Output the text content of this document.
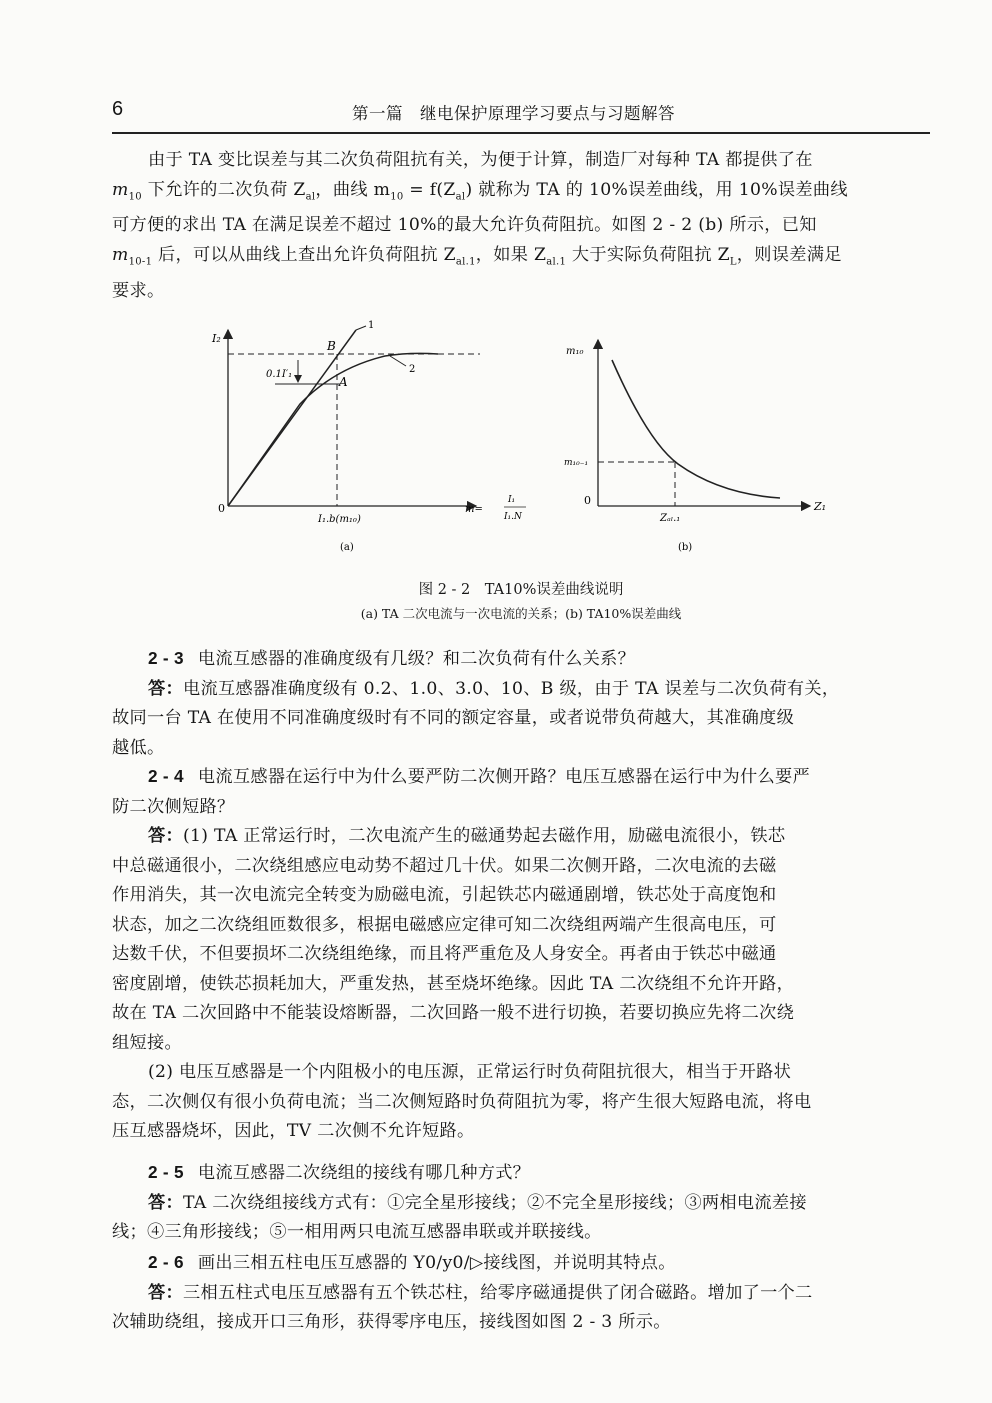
6	第一篇　继电保护原理学习要点与习题解答

由于 TA 变比误差与其二次负荷阻抗有关，为便于计算，制造厂对每种 TA 都提供了在

$m_{10}$ 下允许的二次负荷 $Z_{al}$，曲线 $m_{10} = f(Z_{al})$ 就称为 TA 的 10%误差曲线，用 10%误差曲线

可方便的求出 TA 在满足误差不超过 10%的最大允许负荷阻抗。如图 2 - 2 (b) 所示，已知

$m_{10-1}$ 后，可以从曲线上查出允许负荷阻抗 $Z_{al.1}$，如果 $Z_{al.1}$ 大于实际负荷阻抗 $Z_L$，则误差满足

要求。

I₂
0
B
A
0.1I′₁
1
2
I₁.b(m₁₀)
m=
I₁
I₁.N
(a)
m₁₀
m₁₀₋₁
0	Z₁
Zₐₗ.₁
(b)
图 2 - 2　TA10%误差曲线说明
(a) TA 二次电流与一次电流的关系；(b) TA10%误差曲线

2 - 3 电流互感器的准确度级有几级？和二次负荷有什么关系？

答：电流互感器准确度级有 0.2、1.0、3.0、10、B 级，由于 TA 误差与二次负荷有关，

故同一台 TA 在使用不同准确度级时有不同的额定容量，或者说带负荷越大，其准确度级

越低。

2 - 4 电流互感器在运行中为什么要严防二次侧开路？电压互感器在运行中为什么要严

防二次侧短路？

答：(1) TA 正常运行时，二次电流产生的磁通势起去磁作用，励磁电流很小，铁芯

中总磁通很小，二次绕组感应电动势不超过几十伏。如果二次侧开路，二次电流的去磁

作用消失，其一次电流完全转变为励磁电流，引起铁芯内磁通剧增，铁芯处于高度饱和

状态，加之二次绕组匝数很多，根据电磁感应定律可知二次绕组两端产生很高电压，可

达数千伏，不但要损坏二次绕组绝缘，而且将严重危及人身安全。再者由于铁芯中磁通

密度剧增，使铁芯损耗加大，严重发热，甚至烧坏绝缘。因此 TA 二次绕组不允许开路，

故在 TA 二次回路中不能装设熔断器，二次回路一般不进行切换，若要切换应先将二次绕

组短接。

(2) 电压互感器是一个内阻极小的电压源，正常运行时负荷阻抗很大，相当于开路状

态，二次侧仅有很小负荷电流；当二次侧短路时负荷阻抗为零，将产生很大短路电流，将电

压互感器烧坏，因此，TV 二次侧不允许短路。

2 - 5 电流互感器二次绕组的接线有哪几种方式？

答：TA 二次绕组接线方式有：①完全星形接线；②不完全星形接线；③两相电流差接

线；④三角形接线；⑤一相用两只电流互感器串联或并联接线。

2 - 6 画出三相五柱电压互感器的 Y0/y0/▷接线图，并说明其特点。

答：三相五柱式电压互感器有五个铁芯柱，给零序磁通提供了闭合磁路。增加了一个二

次辅助绕组，接成开口三角形，获得零序电压，接线图如图 2 - 3 所示。
